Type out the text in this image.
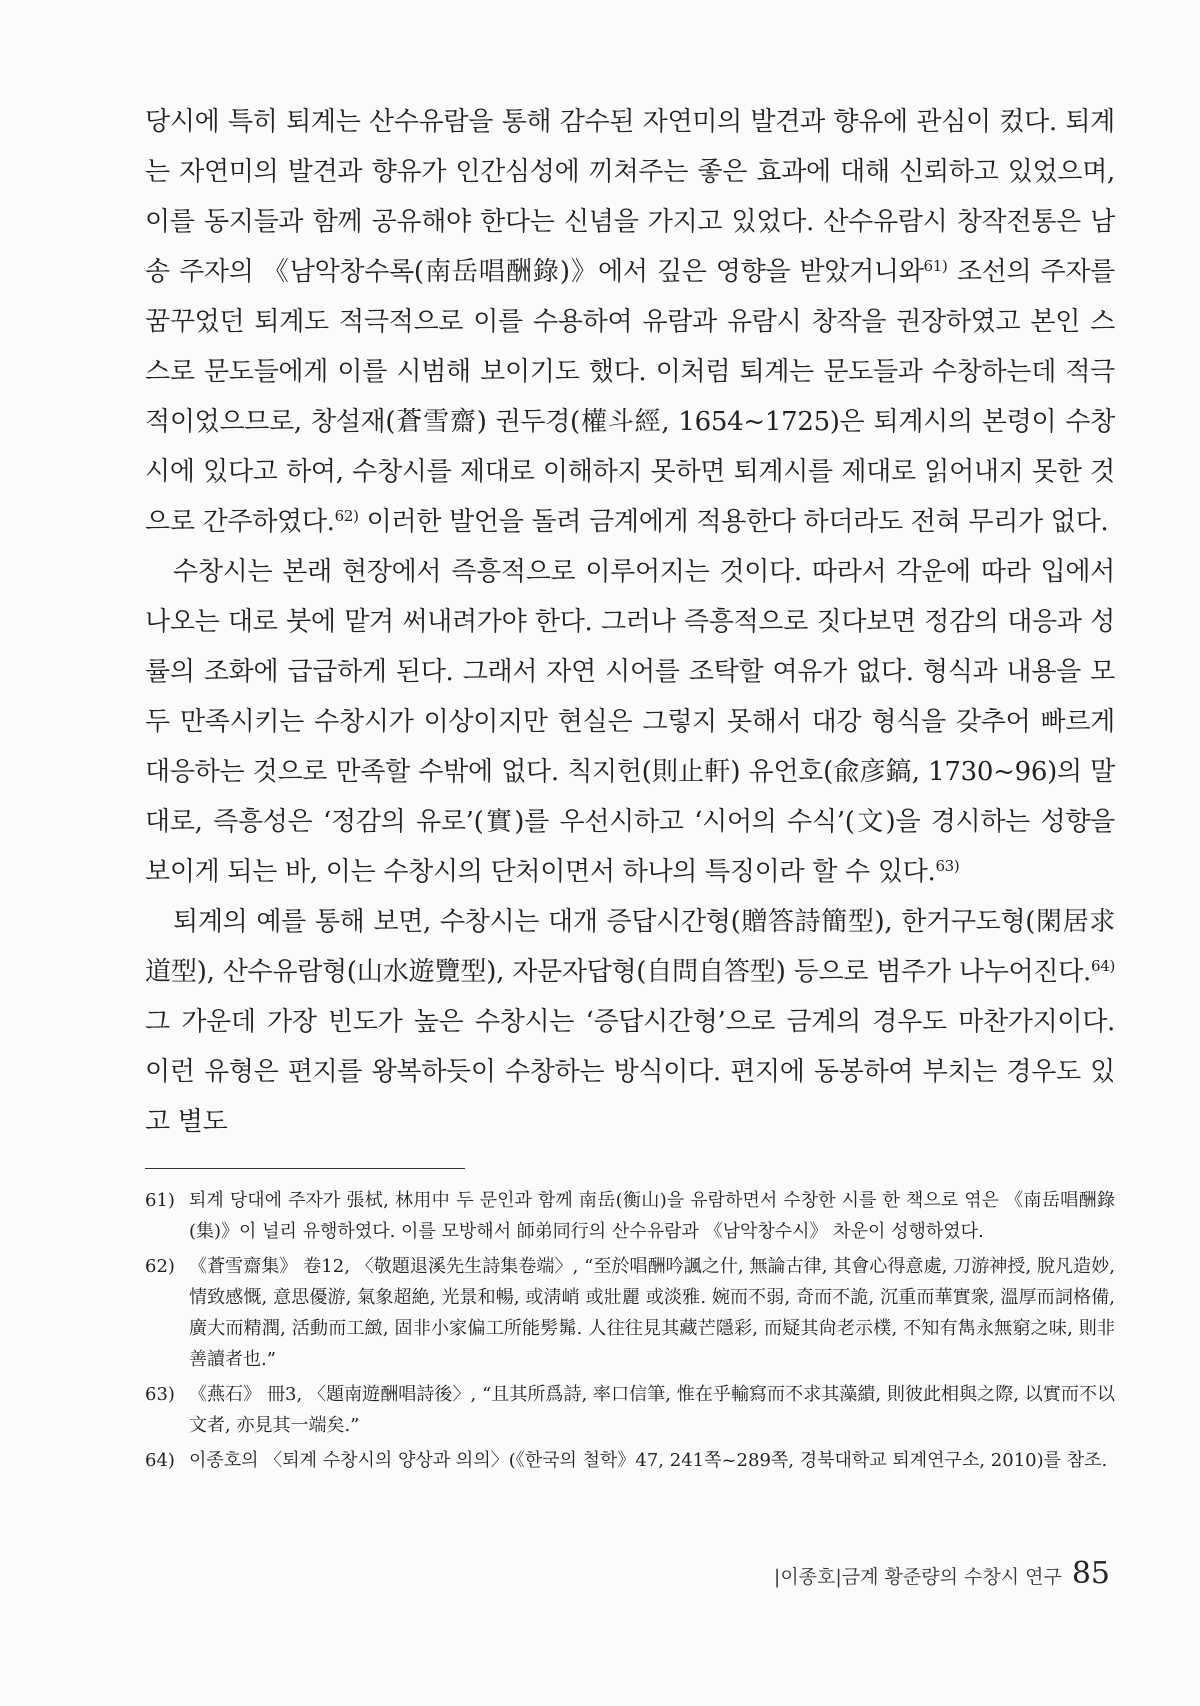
당시에 특히 퇴계는 산수유람을 통해 감수된 자연미의 발견과 향유에 관심이 컸다. 퇴계는 자연미의 발견과 향유가 인간심성에 끼쳐주는 좋은 효과에 대해 신뢰하고 있었으며, 이를 동지들과 함께 공유해야 한다는 신념을 가지고 있었다. 산수유람시 창작전통은 남송 주자의 《남악창수록(南岳唱酬錄)》에서 깊은 영향을 받았거니와$^{61)}$ 조선의 주자를 꿈꾸었던 퇴계도 적극적으로 이를 수용하여 유람과 유람시 창작을 권장하였고 본인 스스로 문도들에게 이를 시범해 보이기도 했다. 이처럼 퇴계는 문도들과 수창하는데 적극적이었으므로, 창설재(蒼雪齋) 권두경(權斗經, 1654~1725)은 퇴계시의 본령이 수창시에 있다고 하여, 수창시를 제대로 이해하지 못하면 퇴계시를 제대로 읽어내지 못한 것으로 간주하였다.$^{62)}$ 이러한 발언을 돌려 금계에게 적용한다 하더라도 전혀 무리가 없다.

수창시는 본래 현장에서 즉흥적으로 이루어지는 것이다. 따라서 각운에 따라 입에서 나오는 대로 붓에 맡겨 써내려가야 한다. 그러나 즉흥적으로 짓다보면 정감의 대응과 성률의 조화에 급급하게 된다. 그래서 자연 시어를 조탁할 여유가 없다. 형식과 내용을 모두 만족시키는 수창시가 이상이지만 현실은 그렇지 못해서 대강 형식을 갖추어 빠르게 대응하는 것으로 만족할 수밖에 없다. 칙지헌(則止軒) 유언호(兪彦鎬, 1730~96)의 말대로, 즉흥성은 ‘정감의 유로’(實)를 우선시하고 ‘시어의 수식’(文)을 경시하는 성향을 보이게 되는 바, 이는 수창시의 단처이면서 하나의 특징이라 할 수 있다.$^{63)}$

퇴계의 예를 통해 보면, 수창시는 대개 증답시간형(贈答詩簡型), 한거구도형(閑居求道型), 산수유람형(山水遊覽型), 자문자답형(自問自答型) 등으로 범주가 나누어진다.$^{64)}$ 그 가운데 가장 빈도가 높은 수창시는 ‘증답시간형’으로 금계의 경우도 마찬가지이다. 이런 유형은 편지를 왕복하듯이 수창하는 방식이다. 편지에 동봉하여 부치는 경우도 있고 별도

61) 퇴계 당대에 주자가 張栻, 林用中 두 문인과 함께 南岳(衡山)을 유람하면서 수창한 시를 한 책으로 엮은 《南岳唱酬錄(集)》이 널리 유행하였다. 이를 모방해서 師弟同行의 산수유람과 《남악창수시》 차운이 성행하였다.
62) 《蒼雪齋集》 卷12, 〈敬題退溪先生詩集卷端〉, “至於唱酬吟諷之什, 無論古律, 其會心得意處, 刀游神授, 脫凡造妙, 情致感慨, 意思優游, 氣象超絶, 光景和暢, 或淸峭 或壯麗 或淡雅. 婉而不弱, 奇而不詭, 沉重而華實衆, 溫厚而詞格備, 廣大而精潤, 活動而工緻, 固非小家偏工所能髣髴. 人往往見其藏芒隱彩, 而疑其尙老示樸, 不知有雋永無窮之味, 則非善讀者也.”
63) 《燕石》 冊3, 〈題南遊酬唱詩後〉, “且其所爲詩, 率口信筆, 惟在乎輸寫而不求其藻繢, 則彼此相與之際, 以實而不以文者, 亦見其一端矣.”
64) 이종호의 〈퇴계 수창시의 양상과 의의〉(《한국의 철학》47, 241쪽~289쪽, 경북대학교 퇴계연구소, 2010)를 참조.
|이종호|금계 황준량의 수창시 연구 85
